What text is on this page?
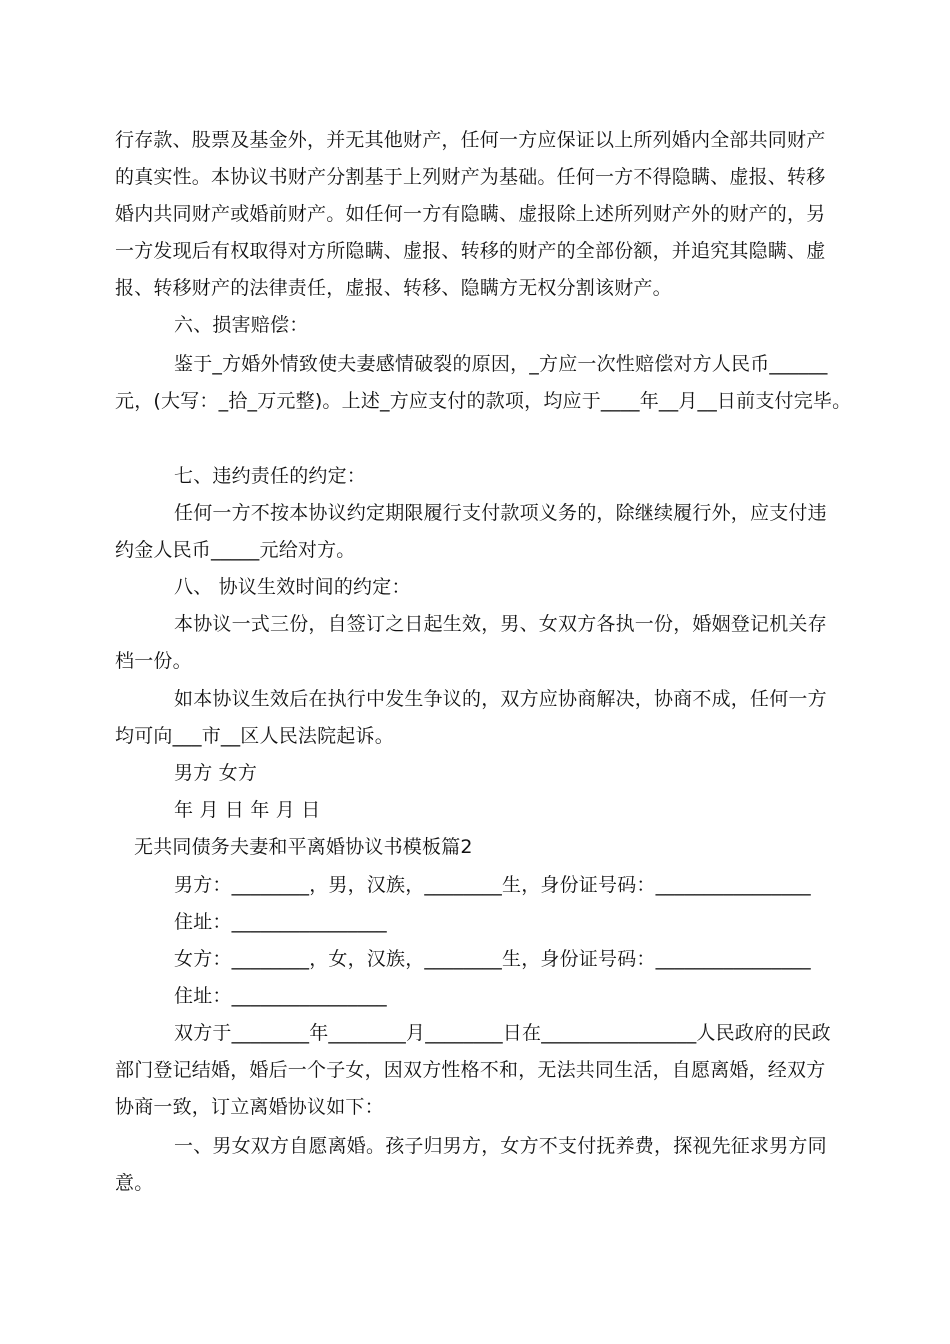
行存款、股票及基金外，并无其他财产，任何一方应保证以上所列婚内全部共同财产
的真实性。本协议书财产分割基于上列财产为基础。任何一方不得隐瞒、虚报、转移
婚内共同财产或婚前财产。如任何一方有隐瞒、虚报除上述所列财产外的财产的，另
一方发现后有权取得对方所隐瞒、虚报、转移的财产的全部份额，并追究其隐瞒、虚
报、转移财产的法律责任，虚报、转移、隐瞒方无权分割该财产。
六、损害赔偿：
鉴于_方婚外情致使夫妻感情破裂的原因，_方应一次性赔偿对方人民币______
元，(大写：_拾_万元整)。上述_方应支付的款项，均应于____年__月__日前支付完毕。
七、违约责任的约定：
任何一方不按本协议约定期限履行支付款项义务的，除继续履行外，应支付违
约金人民币_____元给对方。
八、 协议生效时间的约定：
本协议一式三份，自签订之日起生效，男、女双方各执一份，婚姻登记机关存
档一份。
如本协议生效后在执行中发生争议的，双方应协商解决，协商不成，任何一方
均可向___市__区人民法院起诉。
男方 女方
年 月 日 年 月 日
无共同债务夫妻和平离婚协议书模板篇2
男方：________，男，汉族，________生，身份证号码：________________
住址：________________
女方：________，女，汉族，________生，身份证号码：________________
住址：________________
双方于________年________月________日在________________人民政府的民政
部门登记结婚，婚后一个子女，因双方性格不和，无法共同生活，自愿离婚，经双方
协商一致，订立离婚协议如下：
一、男女双方自愿离婚。孩子归男方，女方不支付抚养费，探视先征求男方同
意。
